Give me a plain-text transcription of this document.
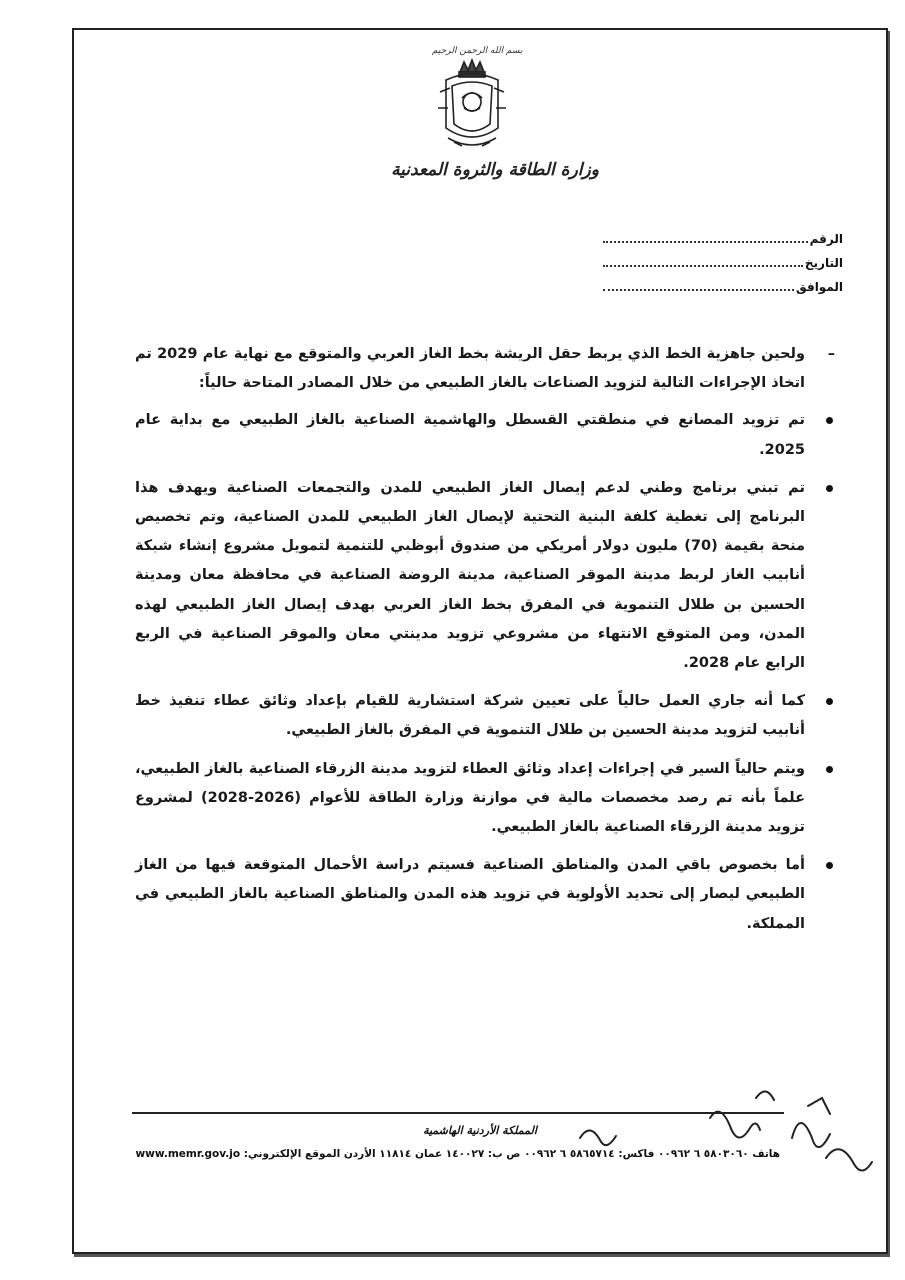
بسم الله الرحمن الرحيم
وزارة الطاقة والثروة المعدنية
الرقم
التاريخ
الموافق

–
ولحين جاهزية الخط الذي يربط حقل الريشة بخط الغاز العربي والمتوقع مع نهاية عام 2029 تم اتخاذ الإجراءات التالية لتزويد الصناعات بالغاز الطبيعي من خلال المصادر المتاحة حالياً:

تم تزويد المصانع في منطقتي القسطل والهاشمية الصناعية بالغاز الطبيعي مع بداية عام 2025.
تم تبني برنامج وطني لدعم إيصال الغاز الطبيعي للمدن والتجمعات الصناعية ويهدف هذا البرنامج إلى تغطية كلفة البنية التحتية لإيصال الغاز الطبيعي للمدن الصناعية، وتم تخصيص منحة بقيمة (70) مليون دولار أمريكي من صندوق أبوظبي للتنمية لتمويل مشروع إنشاء شبكة أنابيب الغاز لربط مدينة الموقر الصناعية، مدينة الروضة الصناعية في محافظة معان ومدينة الحسين بن طلال التنموية في المفرق بخط الغاز العربي بهدف إيصال الغاز الطبيعي لهذه المدن، ومن المتوقع الانتهاء من مشروعي تزويد مدينتي معان والموقر الصناعية في الربع الرابع عام 2028.
كما أنه جاري العمل حالياً على تعيين شركة استشارية للقيام بإعداد وثائق عطاء تنفيذ خط أنابيب لتزويد مدينة الحسين بن طلال التنموية في المفرق بالغاز الطبيعي.
ويتم حالياً السير في إجراءات إعداد وثائق العطاء لتزويد مدينة الزرقاء الصناعية بالغاز الطبيعي، علماً بأنه تم رصد مخصصات مالية في موازنة وزارة الطاقة للأعوام (2026-2028) لمشروع تزويد مدينة الزرقاء الصناعية بالغاز الطبيعي.
أما بخصوص باقي المدن والمناطق الصناعية فسيتم دراسة الأحمال المتوقعة فيها من الغاز الطبيعي ليصار إلى تحديد الأولوية في تزويد هذه المدن والمناطق الصناعية بالغاز الطبيعي في المملكة.
المملكة الأردنية الهاشمية
هاتف ٥٨٠٣٠٦٠ ٦ ٠٠٩٦٢ فاكس: ٥٨٦٥٧١٤ ٦ ٠٠٩٦٢ ص ب: ١٤٠٠٢٧ عمان ١١٨١٤ الأردن الموقع الإلكتروني: www.memr.gov.jo
